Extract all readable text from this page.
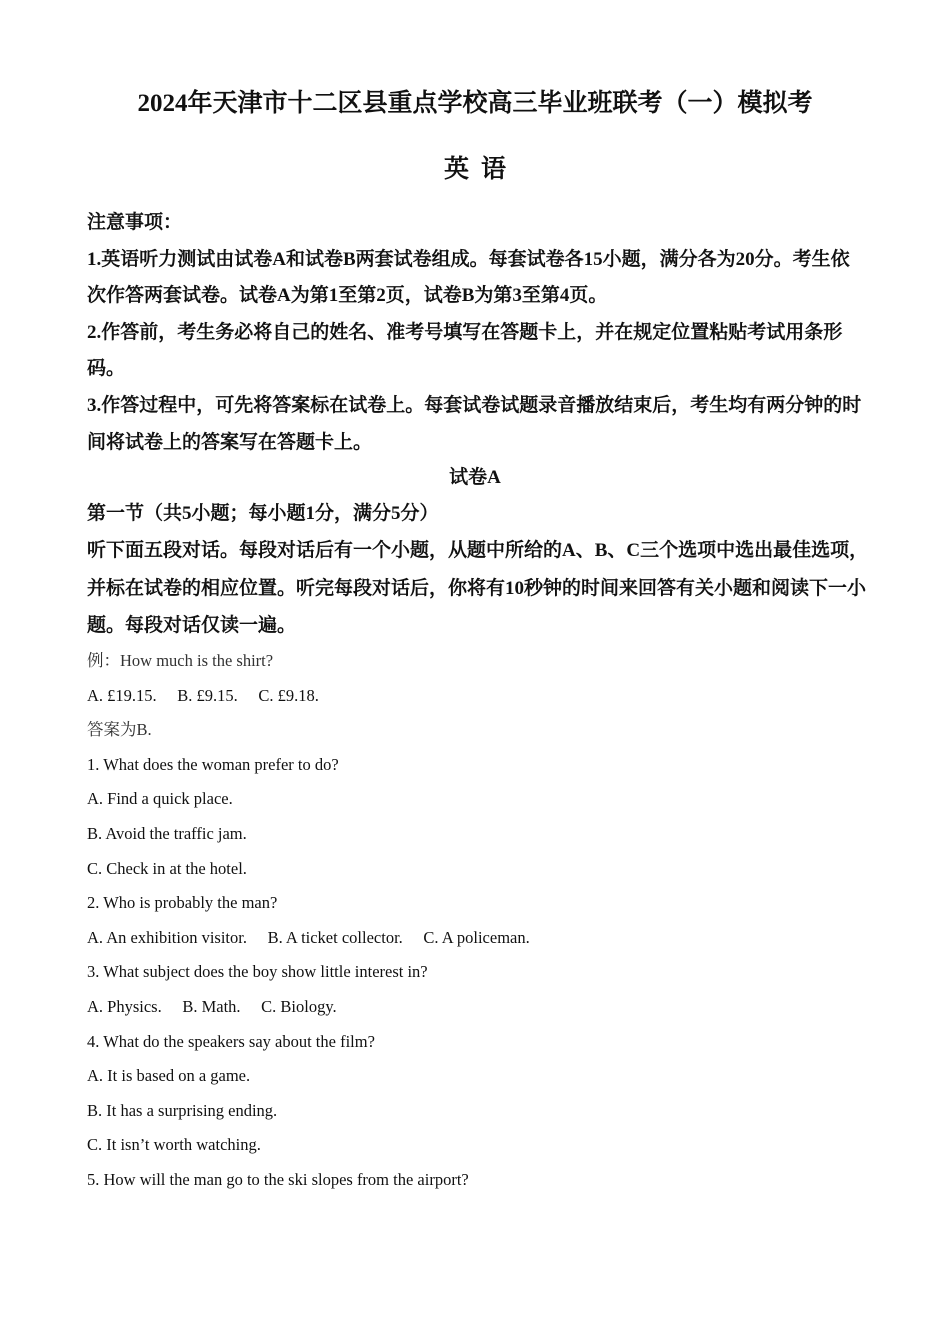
2024年天津市十二区县重点学校高三毕业班联考（一）模拟考
英语

注意事项：

1.英语听力测试由试卷A和试卷B两套试卷组成。每套试卷各15小题，满分各为20分。考生依次作答两套试卷。试卷A为第1至第2页，试卷B为第3至第4页。

2.作答前，考生务必将自己的姓名、准考号填写在答题卡上，并在规定位置粘贴考试用条形码。

3.作答过程中，可先将答案标在试卷上。每套试卷试题录音播放结束后，考生均有两分钟的时间将试卷上的答案写在答题卡上。

试卷A
第一节（共5小题；每小题1分，满分5分）
听下面五段对话。每段对话后有一个小题，从题中所给的A、B、C三个选项中选出最佳选项，并标在试卷的相应位置。听完每段对话后，你将有10秒钟的时间来回答有关小题和阅读下一小题。每段对话仅读一遍。
例：How much is the shirt?
A. £19.15.     B. £9.15.     C. £9.18.
答案为B.
1. What does the woman prefer to do?
A. Find a quick place.
B. Avoid the traffic jam.
C. Check in at the hotel.
2. Who is probably the man?
A. An exhibition visitor.     B. A ticket collector.     C. A policeman.
3. What subject does the boy show little interest in?
A. Physics.     B. Math.     C. Biology.
4. What do the speakers say about the film?
A. It is based on a game.
B. It has a surprising ending.
C. It isn’t worth watching.
5. How will the man go to the ski slopes from the airport?
